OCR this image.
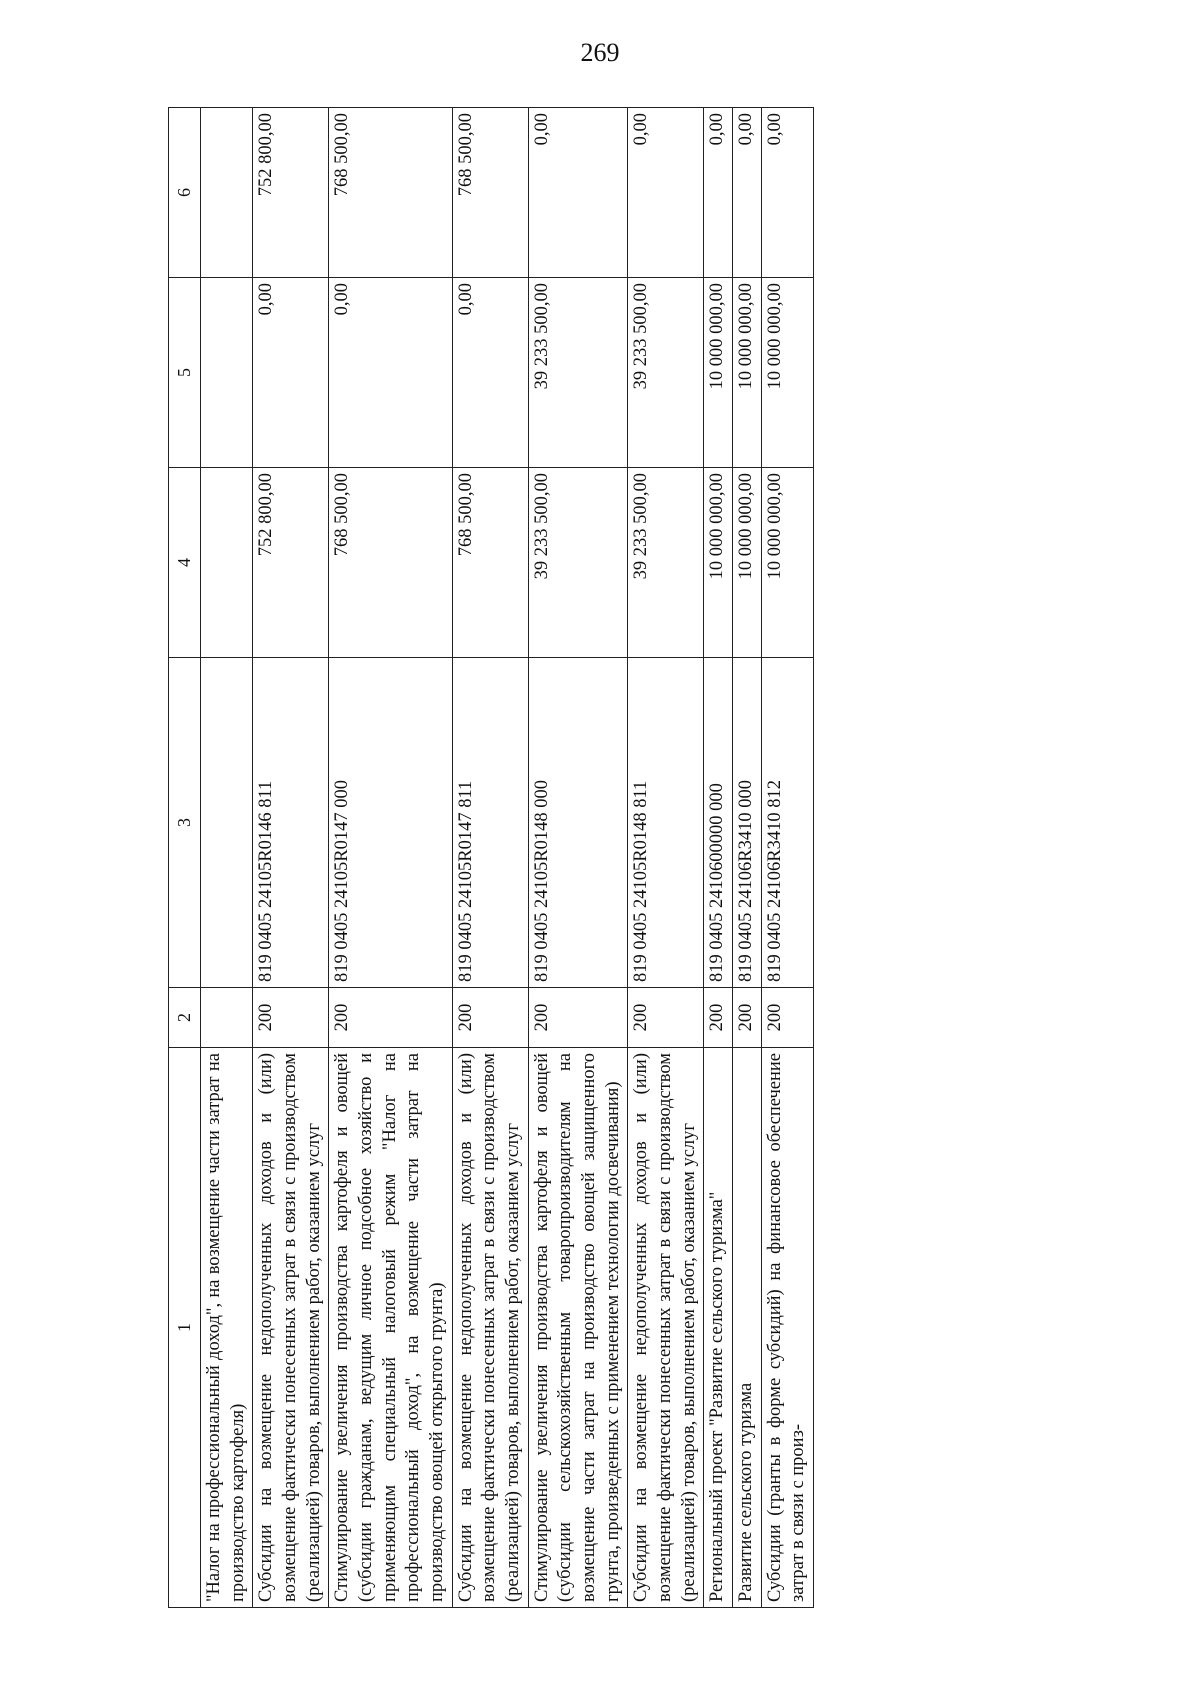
269
1	2	3	4	5	6
"Налог на профессиональный доход", на возмещение части затрат на производство картофеля)					
Субсидии на возмещение недополученных доходов и (или) возмещение фактически понесенных затрат в связи с производством (реализацией) товаров, выполнением работ, оказанием услуг	200	819 0405 24105R0146 811	752 800,00	0,00	752 800,00
Стимулирование увеличения производства картофеля и овощей (субсидии гражданам, ведущим личное подсобное хозяйство и применяющим специальный налоговый режим "Налог на профессиональный доход", на возмещение части затрат на производство овощей открытого грунта)	200	819 0405 24105R0147 000	768 500,00	0,00	768 500,00
Субсидии на возмещение недополученных доходов и (или) возмещение фактически понесенных затрат в связи с производством (реализацией) товаров, выполнением работ, оказанием услуг	200	819 0405 24105R0147 811	768 500,00	0,00	768 500,00
Стимулирование увеличения производства картофеля и овощей (субсидии сельскохозяйственным товаропроизводителям на возмещение части затрат на производство овощей защищенного грунта, произведенных с применением технологии досвечивания)	200	819 0405 24105R0148 000	39 233 500,00	39 233 500,00	0,00
Субсидии на возмещение недополученных доходов и (или) возмещение фактически понесенных затрат в связи с производством (реализацией) товаров, выполнением работ, оказанием услуг	200	819 0405 24105R0148 811	39 233 500,00	39 233 500,00	0,00
Региональный проект "Развитие сельского туризма"	200	819 0405 2410600000 000	10 000 000,00	10 000 000,00	0,00
Развитие сельского туризма	200	819 0405 24106R3410 000	10 000 000,00	10 000 000,00	0,00
Субсидии (гранты в форме субсидий) на финансовое обеспечение затрат в связи с произ-	200	819 0405 24106R3410 812	10 000 000,00	10 000 000,00	0,00
